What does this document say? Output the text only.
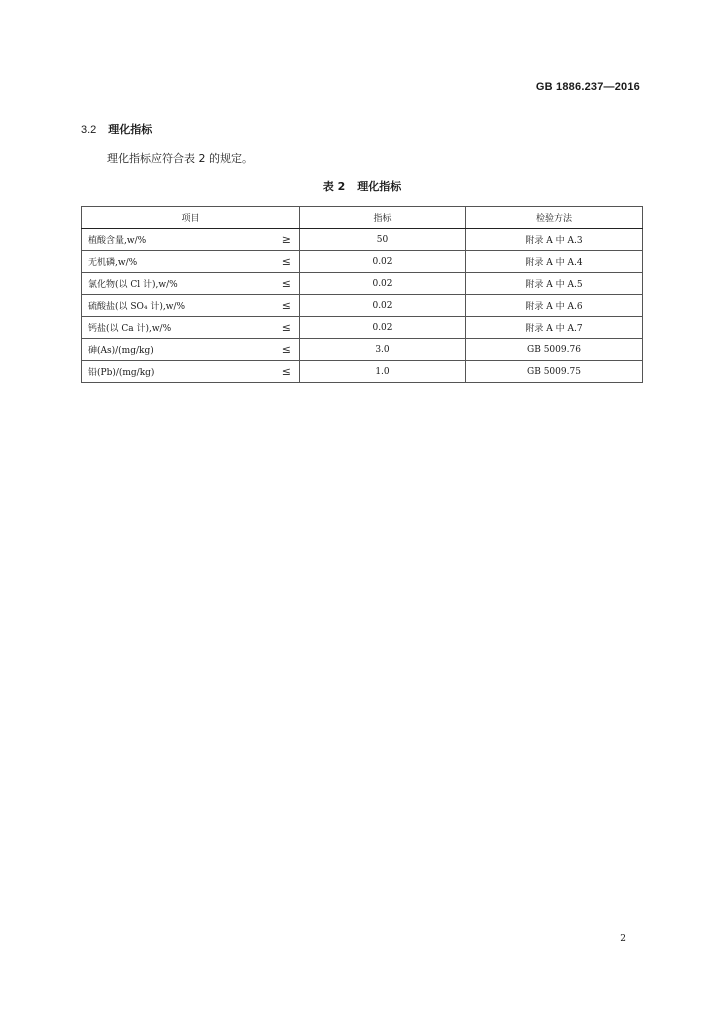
GB 1886.237—2016
3.2 理化指标
理化指标应符合表 2 的规定。
表 2 理化指标
项目	指标	检验方法

植酸含量,w/% ≥	50	附录 A 中 A.3

无机磷,w/% ≤	0.02	附录 A 中 A.4

氯化物(以 Cl 计),w/% ≤	0.02	附录 A 中 A.5

硫酸盐(以 SO₄ 计),w/% ≤	0.02	附录 A 中 A.6

钙盐(以 Ca 计),w/% ≤	0.02	附录 A 中 A.7

砷(As)/(mg/kg) ≤	3.0	GB 5009.76

铅(Pb)/(mg/kg) ≤	1.0	GB 5009.75
2
